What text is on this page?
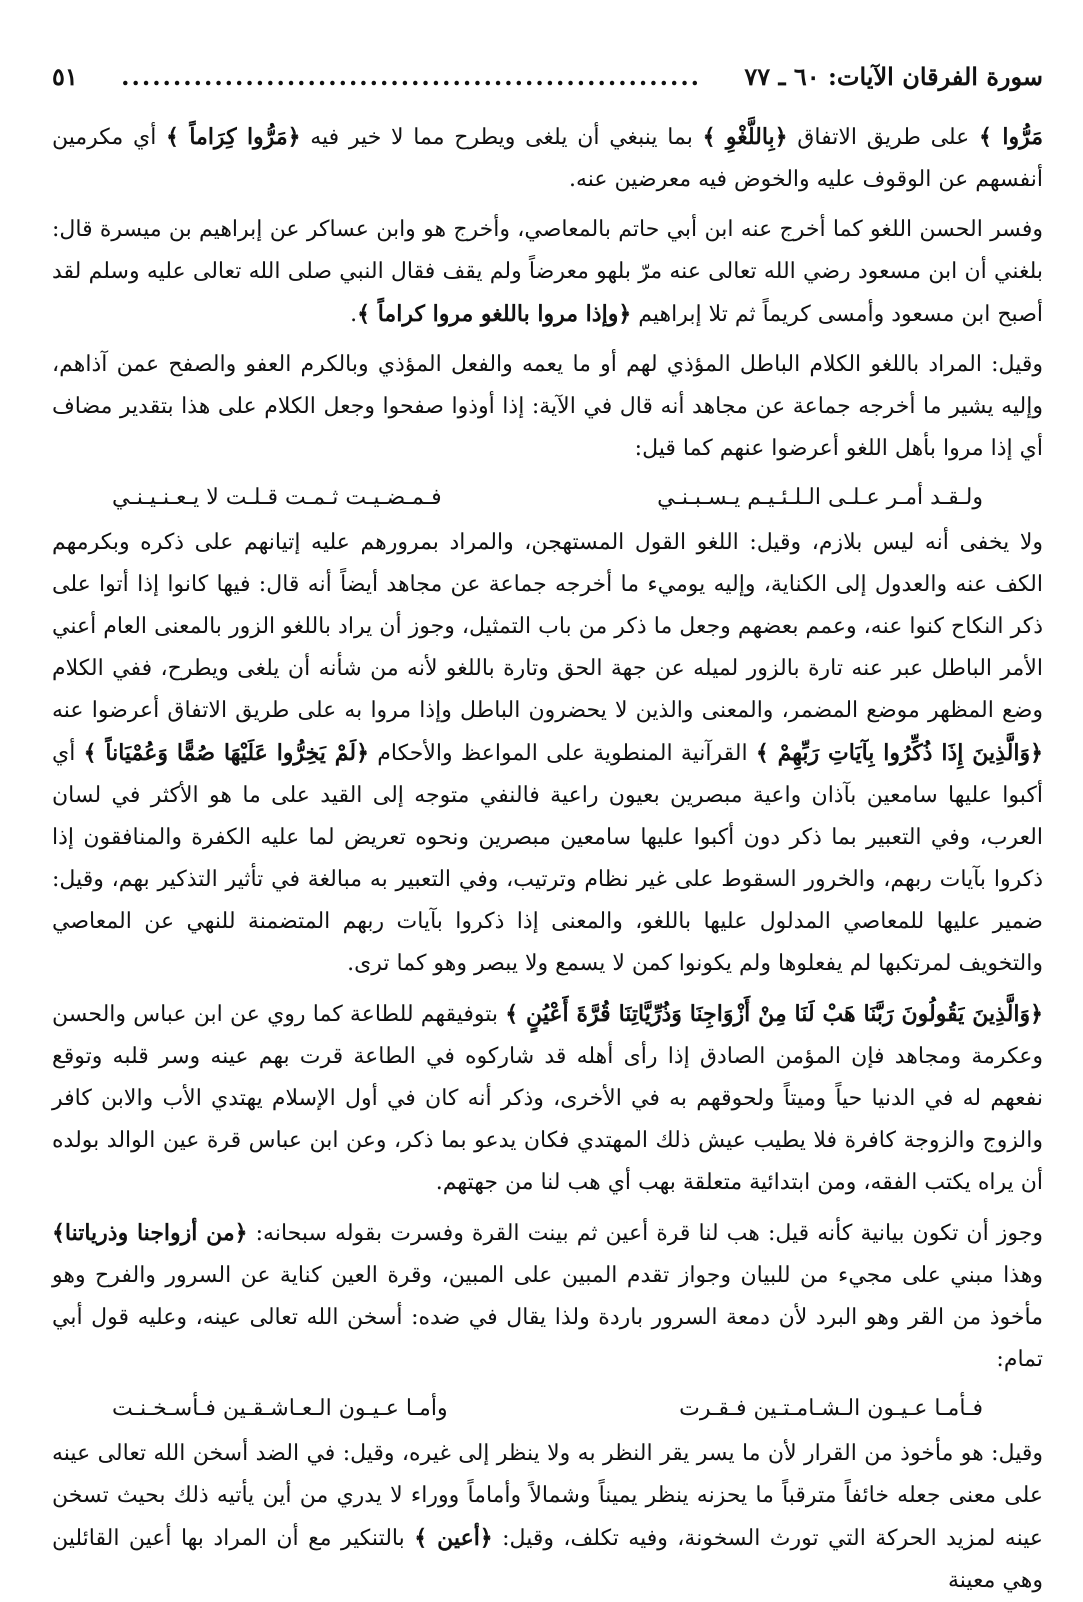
سورة الفرقان الآيات: ٦٠ ـ ٧٧
........................................................
٥١

مَرُّوا ﴾ على طريق الاتفاق ﴿بِاللَّغْوِ ﴾ بما ينبغي أن يلغى ويطرح مما لا خير فيه ﴿مَرُّوا كِرَاماً ﴾ أي مكرمين أنفسهم عن الوقوف عليه والخوض فيه معرضين عنه.

وفسر الحسن اللغو كما أخرج عنه ابن أبي حاتم بالمعاصي، وأخرج هو وابن عساكر عن إبراهيم بن ميسرة قال: بلغني أن ابن مسعود رضي الله تعالى عنه مرّ بلهو معرضاً ولم يقف فقال النبي صلى الله تعالى عليه وسلم لقد أصبح ابن مسعود وأمسى كريماً ثم تلا إبراهيم ﴿وإذا مروا باللغو مروا كراماً ﴾.

وقيل: المراد باللغو الكلام الباطل المؤذي لهم أو ما يعمه والفعل المؤذي وبالكرم العفو والصفح عمن آذاهم، وإليه يشير ما أخرجه جماعة عن مجاهد أنه قال في الآية: إذا أوذوا صفحوا وجعل الكلام على هذا بتقدير مضاف أي إذا مروا بأهل اللغو أعرضوا عنهم كما قيل:

ولـقـد أمـر عـلـى الـلـئـيـم يـسـبـنـي
فـمـضـيـت ثـمـت قـلـت لا يـعـنـيـنـي

ولا يخفى أنه ليس بلازم، وقيل: اللغو القول المستهجن، والمراد بمرورهم عليه إتيانهم على ذكره وبكرمهم الكف عنه والعدول إلى الكناية، وإليه يوميء ما أخرجه جماعة عن مجاهد أيضاً أنه قال: فيها كانوا إذا أتوا على ذكر النكاح كنوا عنه، وعمم بعضهم وجعل ما ذكر من باب التمثيل، وجوز أن يراد باللغو الزور بالمعنى العام أعني الأمر الباطل عبر عنه تارة بالزور لميله عن جهة الحق وتارة باللغو لأنه من شأنه أن يلغى ويطرح، ففي الكلام وضع المظهر موضع المضمر، والمعنى والذين لا يحضرون الباطل وإذا مروا به على طريق الاتفاق أعرضوا عنه ﴿وَالَّذِينَ إِذَا ذُكِّرُوا بِآيَاتِ رَبِّهِمْ ﴾ القرآنية المنطوية على المواعظ والأحكام ﴿لَمْ يَخِرُّوا عَلَيْهَا صُمًّا وَعُمْيَاناً ﴾ أي أكبوا عليها سامعين بآذان واعية مبصرين بعيون راعية فالنفي متوجه إلى القيد على ما هو الأكثر في لسان العرب، وفي التعبير بما ذكر دون أكبوا عليها سامعين مبصرين ونحوه تعريض لما عليه الكفرة والمنافقون إذا ذكروا بآيات ربهم، والخرور السقوط على غير نظام وترتيب، وفي التعبير به مبالغة في تأثير التذكير بهم، وقيل: ضمير عليها للمعاصي المدلول عليها باللغو، والمعنى إذا ذكروا بآيات ربهم المتضمنة للنهي عن المعاصي والتخويف لمرتكبها لم يفعلوها ولم يكونوا كمن لا يسمع ولا يبصر وهو كما ترى.

﴿وَالَّذِينَ يَقُولُونَ رَبَّنَا هَبْ لَنَا مِنْ أَزْوَاجِنَا وَذُرِّيَّاتِنَا قُرَّةَ أَعْيُنٍ ﴾ بتوفيقهم للطاعة كما روي عن ابن عباس والحسن وعكرمة ومجاهد فإن المؤمن الصادق إذا رأى أهله قد شاركوه في الطاعة قرت بهم عينه وسر قلبه وتوقع نفعهم له في الدنيا حياً وميتاً ولحوقهم به في الأخرى، وذكر أنه كان في أول الإسلام يهتدي الأب والابن كافر والزوج والزوجة كافرة فلا يطيب عيش ذلك المهتدي فكان يدعو بما ذكر، وعن ابن عباس قرة عين الوالد بولده أن يراه يكتب الفقه، ومن ابتدائية متعلقة بهب أي هب لنا من جهتهم.

وجوز أن تكون بيانية كأنه قيل: هب لنا قرة أعين ثم بينت القرة وفسرت بقوله سبحانه: ﴿من أزواجنا وذرياتنا﴾ وهذا مبني على مجيء من للبيان وجواز تقدم المبين على المبين، وقرة العين كناية عن السرور والفرح وهو مأخوذ من القر وهو البرد لأن دمعة السرور باردة ولذا يقال في ضده: أسخن الله تعالى عينه، وعليه قول أبي تمام:

فـأمـا عـيـون الـشـامـتـين فـقـرت
وأمـا عـيـون الـعـاشـقـين فـأسـخـنـت

وقيل: هو مأخوذ من القرار لأن ما يسر يقر النظر به ولا ينظر إلى غيره، وقيل: في الضد أسخن الله تعالى عينه على معنى جعله خائفاً مترقباً ما يحزنه ينظر يميناً وشمالاً وأماماً ووراء لا يدري من أين يأتيه ذلك بحيث تسخن عينه لمزيد الحركة التي تورث السخونة، وفيه تكلف، وقيل: ﴿أعين ﴾ بالتنكير مع أن المراد بها أعين القائلين وهي معينة
